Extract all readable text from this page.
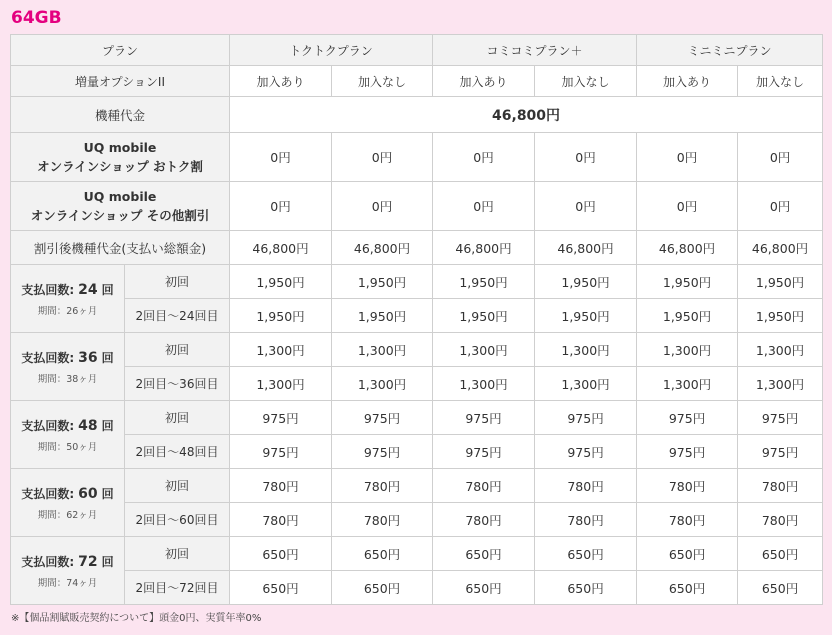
64GB
プラン		トクトクプラン		コミコミプラン＋		ミニミニプラン	
増量オプションII		加入あり	加入なし	加入あり	加入なし	加入あり	加入なし
機種代金		46,800円					
UQ mobile
オンラインショップ おトク割		0円	0円	0円	0円	0円	0円
UQ mobile
オンラインショップ その他割引		0円	0円	0円	0円	0円	0円
割引後機種代金(支払い総額金)		46,800円	46,800円	46,800円	46,800円	46,800円	46,800円

支払回数: 24 回
期間：26ヶ月	初回	1,950円	1,950円	1,950円	1,950円	1,950円	1,950円
	2回目〜24回目	1,950円	1,950円	1,950円	1,950円	1,950円	1,950円

支払回数: 36 回
期間：38ヶ月	初回	1,300円	1,300円	1,300円	1,300円	1,300円	1,300円
	2回目〜36回目	1,300円	1,300円	1,300円	1,300円	1,300円	1,300円

支払回数: 48 回
期間：50ヶ月	初回	975円	975円	975円	975円	975円	975円
	2回目〜48回目	975円	975円	975円	975円	975円	975円

支払回数: 60 回
期間：62ヶ月	初回	780円	780円	780円	780円	780円	780円
	2回目〜60回目	780円	780円	780円	780円	780円	780円

支払回数: 72 回
期間：74ヶ月	初回	650円	650円	650円	650円	650円	650円
	2回目〜72回目	650円	650円	650円	650円	650円	650円
※【個品割賦販売契約について】頭金0円、実質年率0%
